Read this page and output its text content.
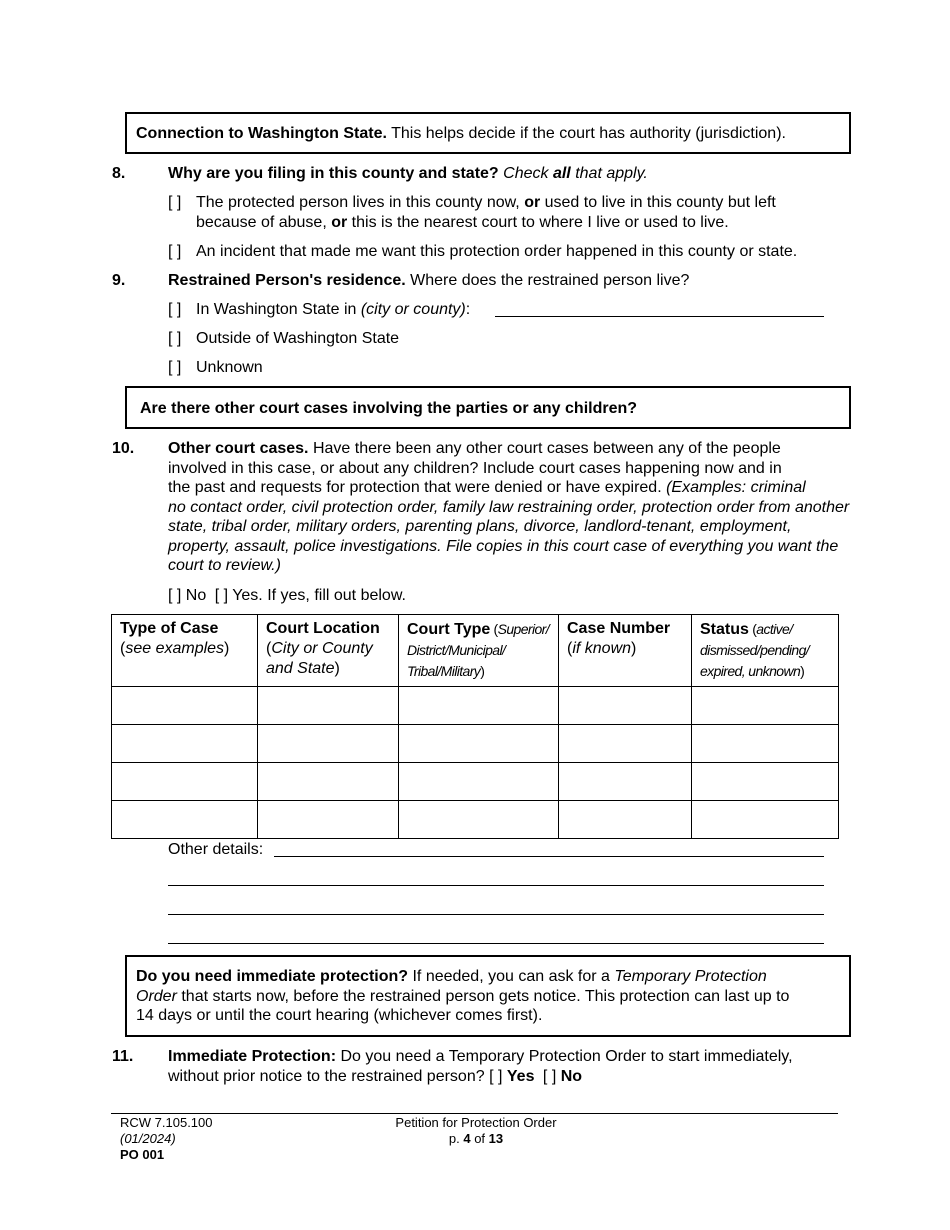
Connection to Washington State. This helps decide if the court has authority (jurisdiction).
8.	Why are you filing in this county and state? Check all that apply.
[ ] The protected person lives in this county now, or used to live in this county but left
because of abuse, or this is the nearest court to where I live or used to live.
[ ] An incident that made me want this protection order happened in this county or state.
9.	Restrained Person's residence. Where does the restrained person live?
[ ] In Washington State in (city or county):
[ ] Outside of Washington State
[ ] Unknown
Are there other court cases involving the parties or any children?
10. Other court cases. Have there been any other court cases between any of the people
involved in this case, or about any children? Include court cases happening now and in
the past and requests for protection that were denied or have expired. (Examples: criminal
no contact order, civil protection order, family law restraining order, protection order from another
state, tribal order, military orders, parenting plans, divorce, landlord-tenant, employment,
property, assault, police investigations. File copies in this court case of everything you want the
court to review.)
[ ] No [ ] Yes. If yes, fill out below.
Type of Case
(see examples)	Court Location
(City or County
and State)	Court Type (Superior/
District/Municipal/
Tribal/Military)	Case Number
(if known)	Status (active/
dismissed/pending/
expired, unknown)

Other details:
Do you need immediate protection? If needed, you can ask for a Temporary Protection
Order that starts now, before the restrained person gets notice. This protection can last up to
14 days or until the court hearing (whichever comes first).
11. Immediate Protection: Do you need a Temporary Protection Order to start immediately,
without prior notice to the restrained person? [ ] Yes [ ] No
RCW 7.105.100
(01/2024)
PO 001
Petition for Protection Order
p. 4 of 13
